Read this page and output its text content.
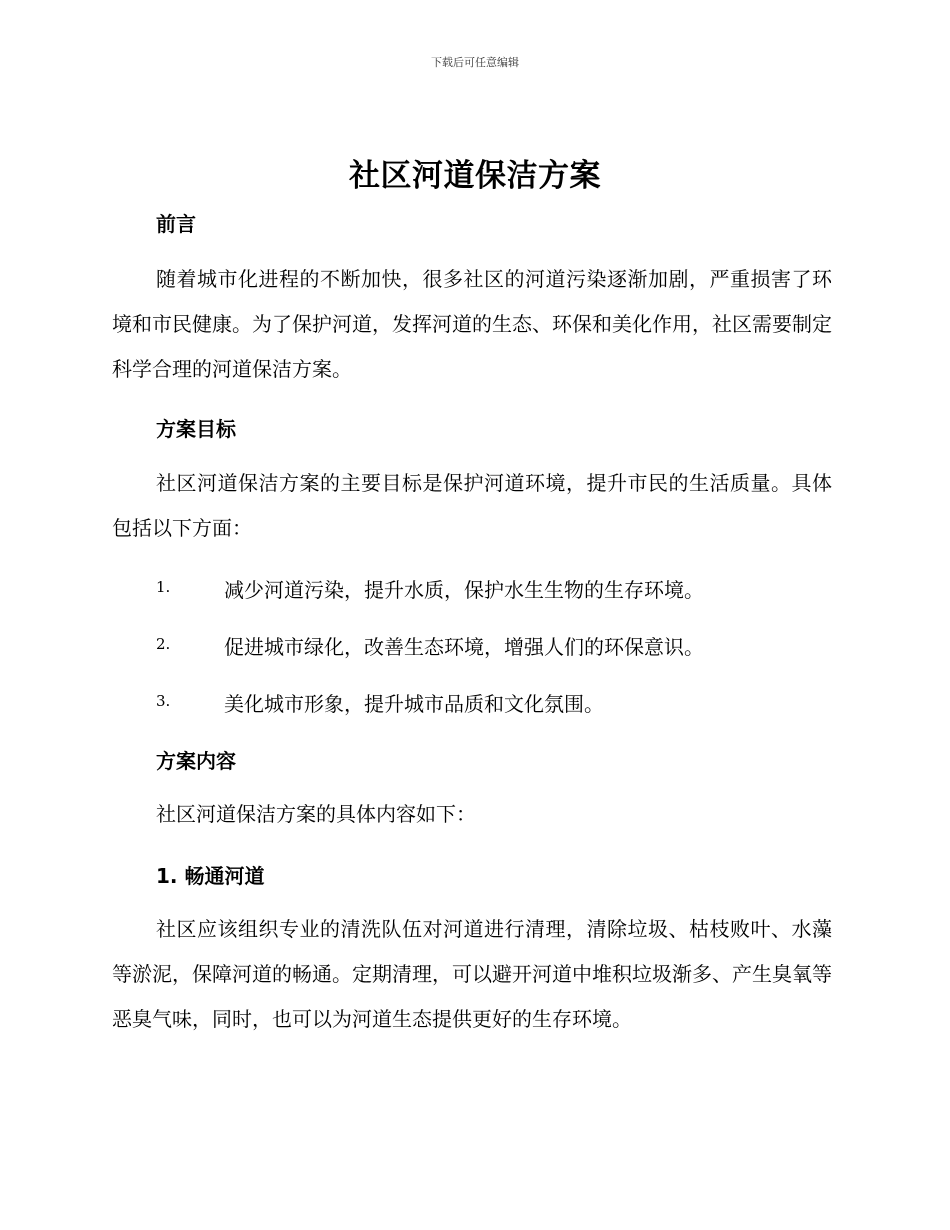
下载后可任意编辑
社区河道保洁方案
前言

随着城市化进程的不断加快，很多社区的河道污染逐渐加剧，严重损害了环境和市民健康。为了保护河道，发挥河道的生态、环保和美化作用，社区需要制定科学合理的河道保洁方案。

方案目标

社区河道保洁方案的主要目标是保护河道环境，提升市民的生活质量。具体包括以下方面：

1.	减少河道污染，提升水质，保护水生生物的生存环境。
2.	促进城市绿化，改善生态环境，增强人们的环保意识。
3.	美化城市形象，提升城市品质和文化氛围。
方案内容

社区河道保洁方案的具体内容如下：

1. 畅通河道

社区应该组织专业的清洗队伍对河道进行清理，清除垃圾、枯枝败叶、水藻等淤泥，保障河道的畅通。定期清理，可以避开河道中堆积垃圾渐多、产生臭氧等恶臭气味，同时，也可以为河道生态提供更好的生存环境。
